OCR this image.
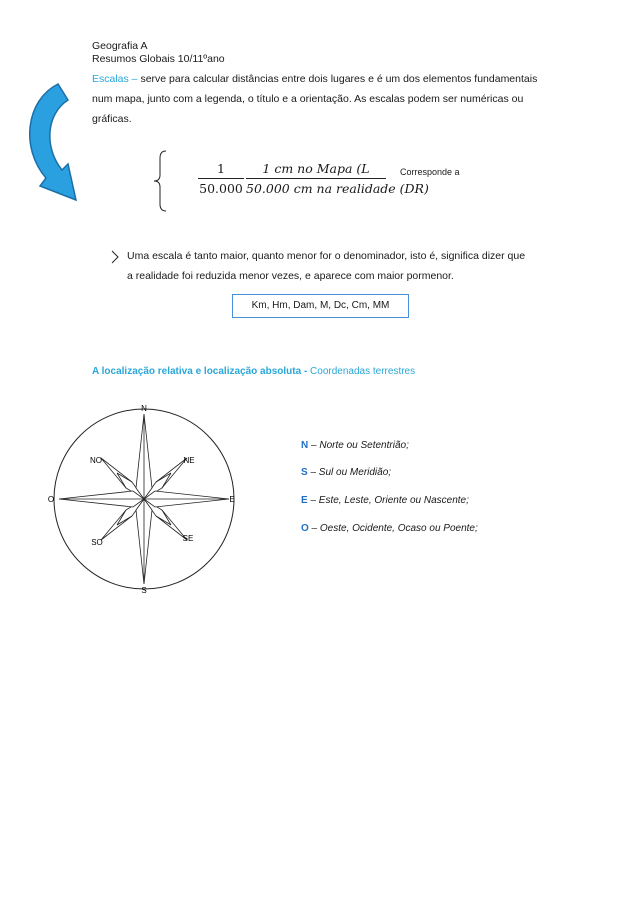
Geografia A
Resumos Globais 10/11ºano
Escalas – serve para calcular distâncias entre dois lugares e é um dos elementos fundamentais
num mapa, junto com a legenda, o título e a orientação. As escalas podem ser numéricas ou
gráficas.
1
50.000
1 cm no Mapa (L
50.000 cm na realidade (DR)
Corresponde a
Uma escala é tanto maior, quanto menor for o denominador, isto é, significa dizer que
a realidade foi reduzida menor vezes, e aparece com maior pormenor.
Km, Hm, Dam, M, Dc, Cm, MM
A localização relativa e localização absoluta - Coordenadas terrestres
N
S
O	E
NE
NO
SE
SO
N – Norte ou Setentrião;
S – Sul ou Meridião;
E – Este, Leste, Oriente ou Nascente;
O – Oeste, Ocidente, Ocaso ou Poente;
